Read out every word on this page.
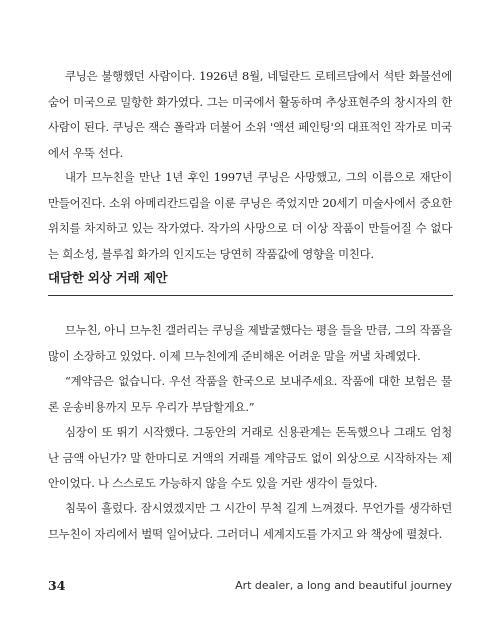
쿠닝은 불행했던 사람이다. 1926년 8월, 네덜란드 로테르담에서 석탄 화물선에 숨어 미국으로 밀항한 화가였다. 그는 미국에서 활동하며 추상표현주의 창시자의 한 사람이 된다. 쿠닝은 잭슨 폴락과 더불어 소위 '액션 페인팅'의 대표적인 작가로 미국에서 우뚝 선다.

내가 므누친을 만난 1년 후인 1997년 쿠닝은 사망했고, 그의 이름으로 재단이 만들어진다. 소위 아메리칸드림을 이룬 쿠닝은 죽었지만 20세기 미술사에서 중요한 위치를 차지하고 있는 작가였다. 작가의 사망으로 더 이상 작품이 만들어질 수 없다는 희소성, 블루칩 화가의 인지도는 당연히 작품값에 영향을 미친다.

대담한 외상 거래 제안

므누친, 아니 므누친 갤러리는 쿠닝을 제발굴했다는 평을 들을 만큼, 그의 작품을 많이 소장하고 있었다. 이제 므누친에게 준비해온 어려운 말을 꺼낼 차례였다.

“계약금은 없습니다. 우선 작품을 한국으로 보내주세요. 작품에 대한 보험은 물론 운송비용까지 모두 우리가 부담할게요.”

심장이 또 뛰기 시작했다. 그동안의 거래로 신용관계는 돈독했으나 그래도 엄청난 금액 아닌가? 말 한마디로 거액의 거래를 계약금도 없이 외상으로 시작하자는 제안이었다. 나 스스로도 가능하지 않을 수도 있을 거란 생각이 들었다.

침묵이 흘렀다. 잠시였겠지만 그 시간이 무척 길게 느껴졌다. 무언가를 생각하던 므누친이 자리에서 벌떡 일어났다. 그러더니 세계지도를 가지고 와 책상에 펼쳤다.

34	Art dealer, a long and beautiful journey
